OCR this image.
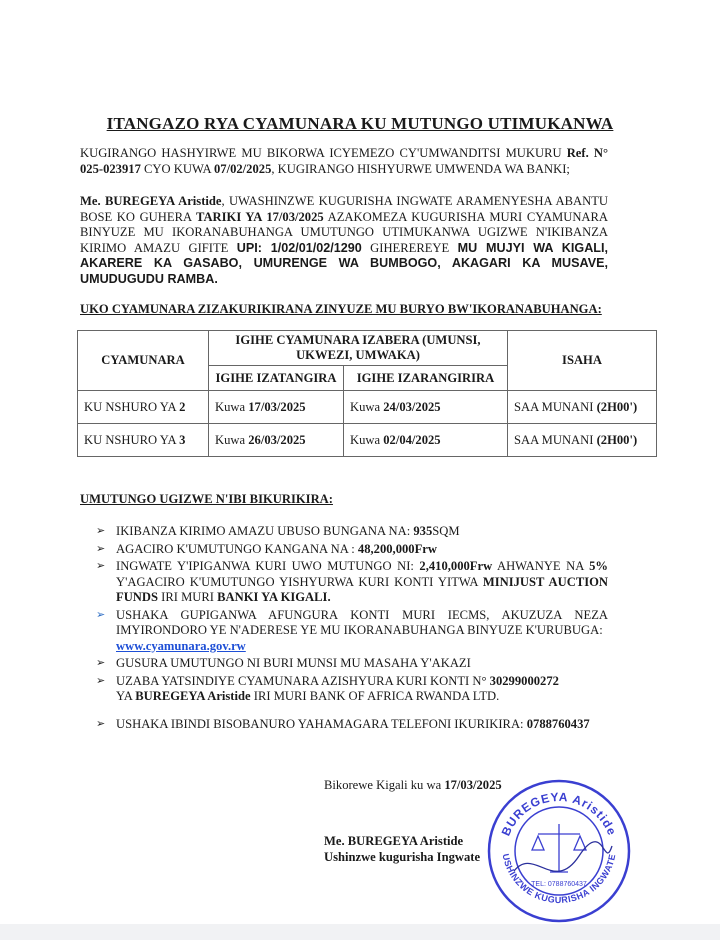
ITANGAZO RYA CYAMUNARA KU MUTUNGO UTIMUKANWA
KUGIRANGO HASHYIRWE MU BIKORWA ICYEMEZO CY'UMWANDITSI MUKURU Ref. N° 025-023917 CYO KUWA 07/02/2025, KUGIRANGO HISHYURWE UMWENDA WA BANKI;
Me. BUREGEYA Aristide, UWASHINZWE KUGURISHA INGWATE ARAMENYESHA ABANTU BOSE KO GUHERA TARIKI YA 17/03/2025 AZAKOMEZA KUGURISHA MURI CYAMUNARA BINYUZE MU IKORANABUHANGA UMUTUNGO UTIMUKANWA UGIZWE N'IKIBANZA KIRIMO AMAZU GIFITE UPI: 1/02/01/02/1290 GIHEREREYE MU MUJYI WA KIGALI, AKARERE KA GASABO, UMURENGE WA BUMBOGO, AKAGARI KA MUSAVE, UMUDUGUDU RAMBA.
UKO CYAMUNARA ZIZAKURIKIRANA ZINYUZE MU BURYO BW'IKORANABUHANGA:
CYAMUNARA	IGIHE CYAMUNARA IZABERA (UMUNSI, UKWEZI, UMWAKA)		ISAHA
	IGIHE IZATANGIRA	IGIHE IZARANGIRIRA	
KU NSHURO YA 2	Kuwa 17/03/2025	Kuwa 24/03/2025	SAA MUNANI (2H00')
KU NSHURO YA 3	Kuwa 26/03/2025	Kuwa 02/04/2025	SAA MUNANI (2H00')
UMUTUNGO UGIZWE N'IBI BIKURIKIRA:
➢ IKIBANZA KIRIMO AMAZU UBUSO BUNGANA NA: 935SQM
➢ AGACIRO K'UMUTUNGO KANGANA NA : 48,200,000Frw
➢ INGWATE Y'IPIGANWA KURI UWO MUTUNGO NI: 2,410,000Frw AHWANYE NA 5% Y'AGACIRO K'UMUTUNGO YISHYURWA KURI KONTI YITWA MINIJUST AUCTION FUNDS IRI MURI BANKI YA KIGALI.
➢ USHAKA GUPIGANWA AFUNGURA KONTI MURI IECMS, AKUZUZA NEZA IMYIRONDORO YE N'ADERESE YE MU IKORANABUHANGA BINYUZE K'URUBUGA:
www.cyamunara.gov.rw
➢ GUSURA UMUTUNGO NI BURI MUNSI MU MASAHA Y'AKAZI
➢ UZABA YATSINDIYE CYAMUNARA AZISHYURA KURI KONTI N° 30299000272
YA BUREGEYA Aristide IRI MURI BANK OF AFRICA RWANDA LTD.
➢ USHAKA IBINDI BISOBANURO YAHAMAGARA TELEFONI IKURIKIRA: 0788760437
Bikorewe Kigali ku wa 17/03/2025
Me. BUREGEYA Aristide
Ushinzwe kugurisha Ingwate
BUREGEYA Aristide
USHINZWE KUGURISHA INGWATE
TEL: 0788760437
